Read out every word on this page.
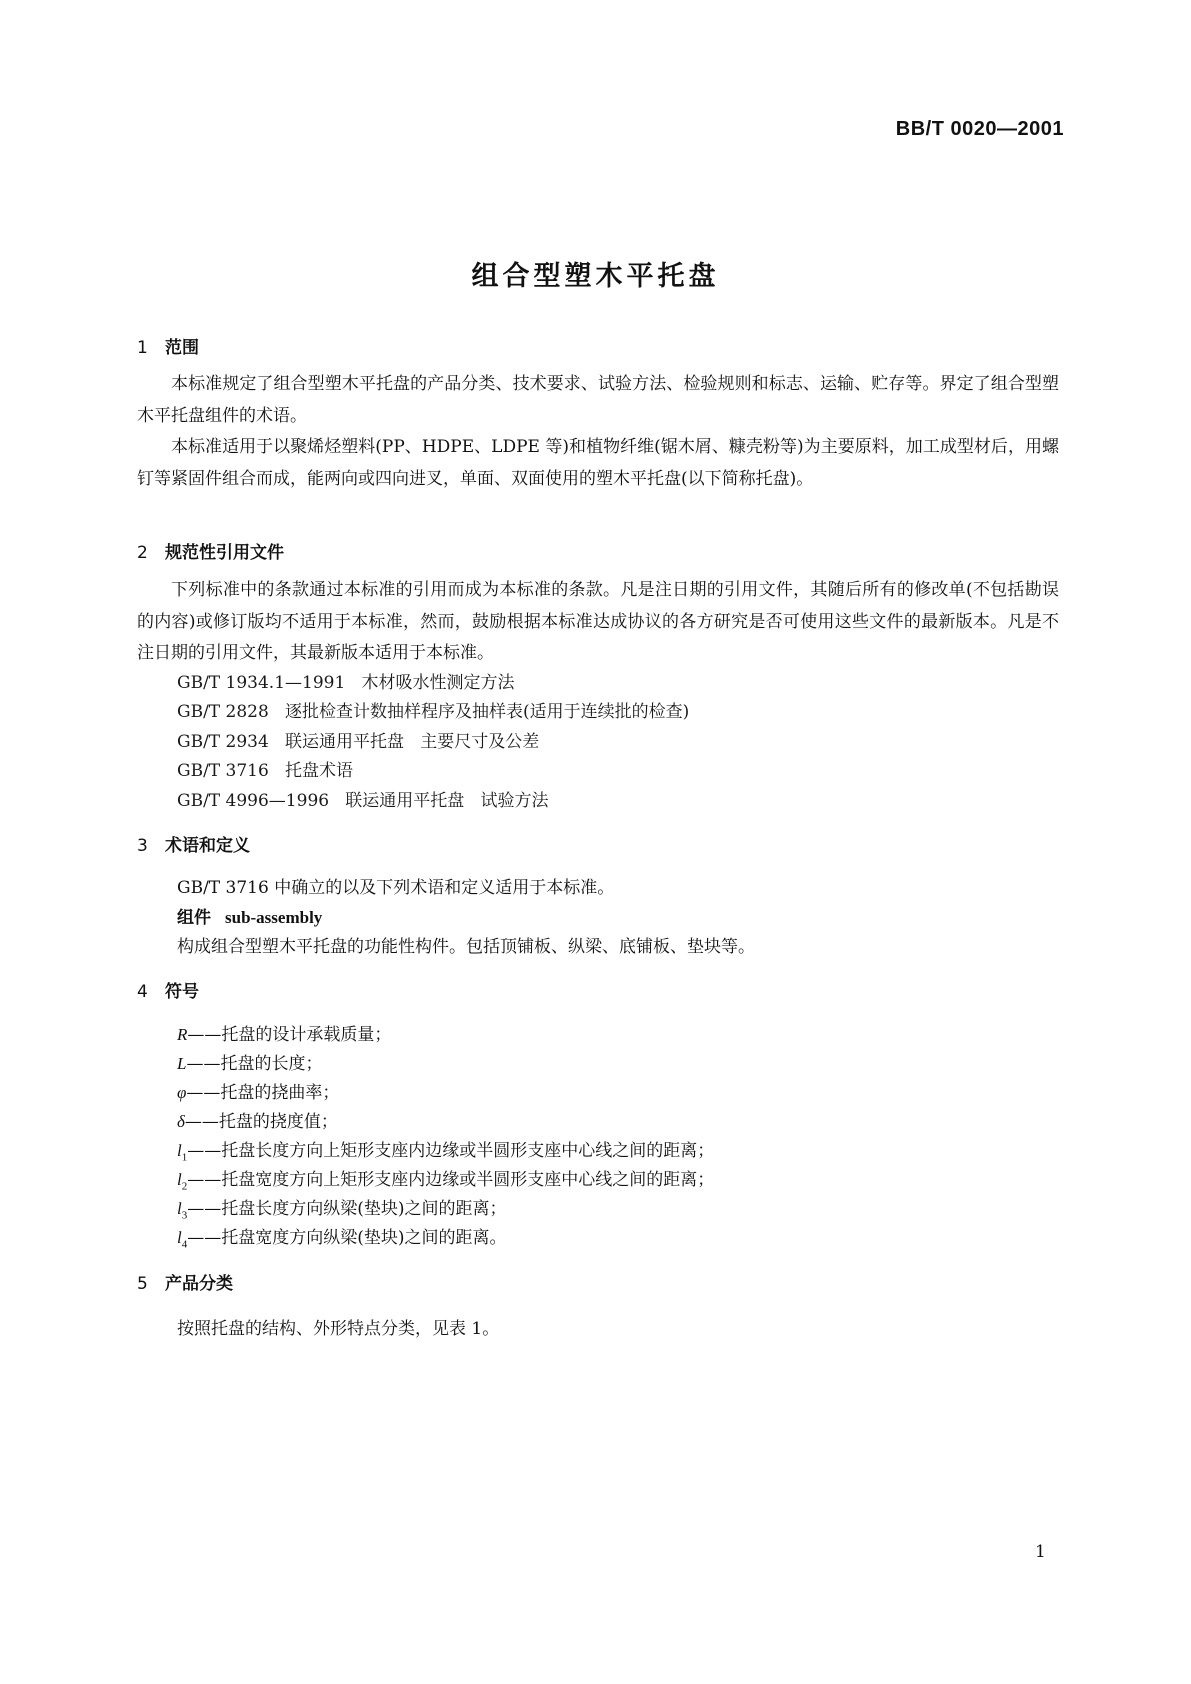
BB/T 0020—2001
组合型塑木平托盘
1 范围

本标准规定了组合型塑木平托盘的产品分类、技术要求、试验方法、检验规则和标志、运输、贮存等。界定了组合型塑木平托盘组件的术语。

本标准适用于以聚烯烃塑料(PP、HDPE、LDPE 等)和植物纤维(锯木屑、糠壳粉等)为主要原料，加工成型材后，用螺钉等紧固件组合而成，能两向或四向进叉，单面、双面使用的塑木平托盘(以下简称托盘)。

2 规范性引用文件

下列标准中的条款通过本标准的引用而成为本标准的条款。凡是注日期的引用文件，其随后所有的修改单(不包括勘误的内容)或修订版均不适用于本标准，然而，鼓励根据本标准达成协议的各方研究是否可使用这些文件的最新版本。凡是不注日期的引用文件，其最新版本适用于本标准。

GB/T 1934.1—1991   木材吸水性测定方法
GB/T 2828   逐批检查计数抽样程序及抽样表(适用于连续批的检查)
GB/T 2934   联运通用平托盘   主要尺寸及公差
GB/T 3716   托盘术语
GB/T 4996—1996   联运通用平托盘   试验方法
3 术语和定义
GB/T 3716 中确立的以及下列术语和定义适用于本标准。
组件 sub-assembly
构成组合型塑木平托盘的功能性构件。包括顶铺板、纵梁、底铺板、垫块等。
4 符号
R——托盘的设计承载质量；
L——托盘的长度；
φ——托盘的挠曲率；
δ——托盘的挠度值；
$l_1——$托盘长度方向上矩形支座内边缘或半圆形支座中心线之间的距离；
$l_2——$托盘宽度方向上矩形支座内边缘或半圆形支座中心线之间的距离；
$l_3——$托盘长度方向纵梁(垫块)之间的距离；
$l_4——$托盘宽度方向纵梁(垫块)之间的距离。
5 产品分类
按照托盘的结构、外形特点分类，见表 1。
1
